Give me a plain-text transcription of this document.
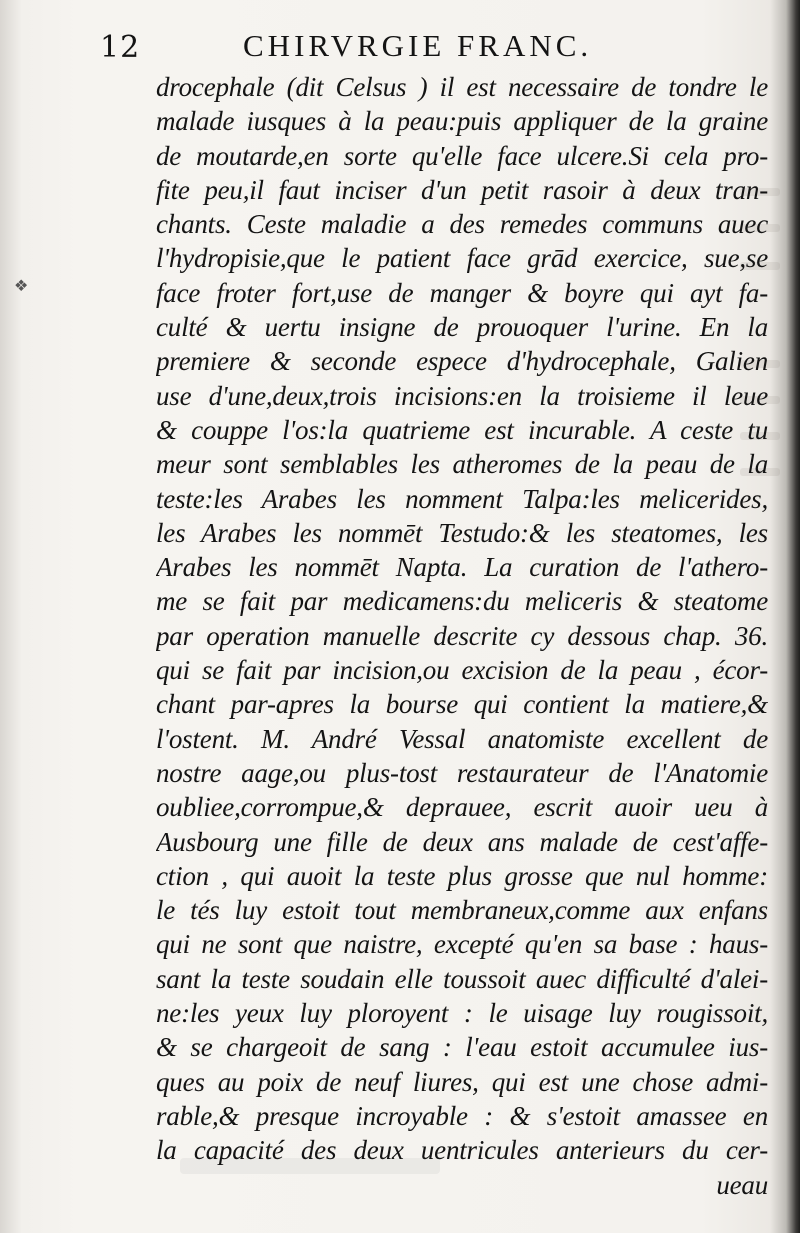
12	CHIRVRGIE FRANC.
❖
drocephale (dit Celsus ) il est necessaire de tondre le
malade iusques à la peau:puis appliquer de la graine
de moutarde,en sorte qu'elle face ulcere.Si cela pro-
fite peu,il faut inciser d'un petit rasoir à deux tran-
chants. Ceste maladie a des remedes communs auec
l'hydropisie,que le patient face grād exercice, sue,se
face froter fort,use de manger & boyre qui ayt fa-
culté & uertu insigne de prouoquer l'urine. En la
premiere & seconde espece d'hydrocephale, Galien
use d'une,deux,trois incisions:en la troisieme il leue
& couppe l'os:la quatrieme est incurable. A ceste tu
meur sont semblables les atheromes de la peau de la
teste:les Arabes les nomment Talpa:les melicerides,
les Arabes les nommēt Testudo:& les steatomes, les
Arabes les nommēt Napta. La curation de l'athero-
me se fait par medicamens:du meliceris & steatome
par operation manuelle descrite cy dessous chap. 36.
qui se fait par incision,ou excision de la peau , écor-
chant par-apres la bourse qui contient la matiere,&
l'ostent. M. André Vessal anatomiste excellent de
nostre aage,ou plus-tost restaurateur de l'Anatomie
oubliee,corrompue,& deprauee, escrit auoir ueu à
Ausbourg une fille de deux ans malade de cest'affe-
ction , qui auoit la teste plus grosse que nul homme:
le tés luy estoit tout membraneux,comme aux enfans
qui ne sont que naistre, excepté qu'en sa base : haus-
sant la teste soudain elle toussoit auec difficulté d'alei-
ne:les yeux luy ploroyent : le uisage luy rougissoit,
& se chargeoit de sang : l'eau estoit accumulee ius-
ques au poix de neuf liures, qui est une chose admi-
rable,& presque incroyable : & s'estoit amassee en
la capacité des deux uentricules anterieurs du cer-
ueau
